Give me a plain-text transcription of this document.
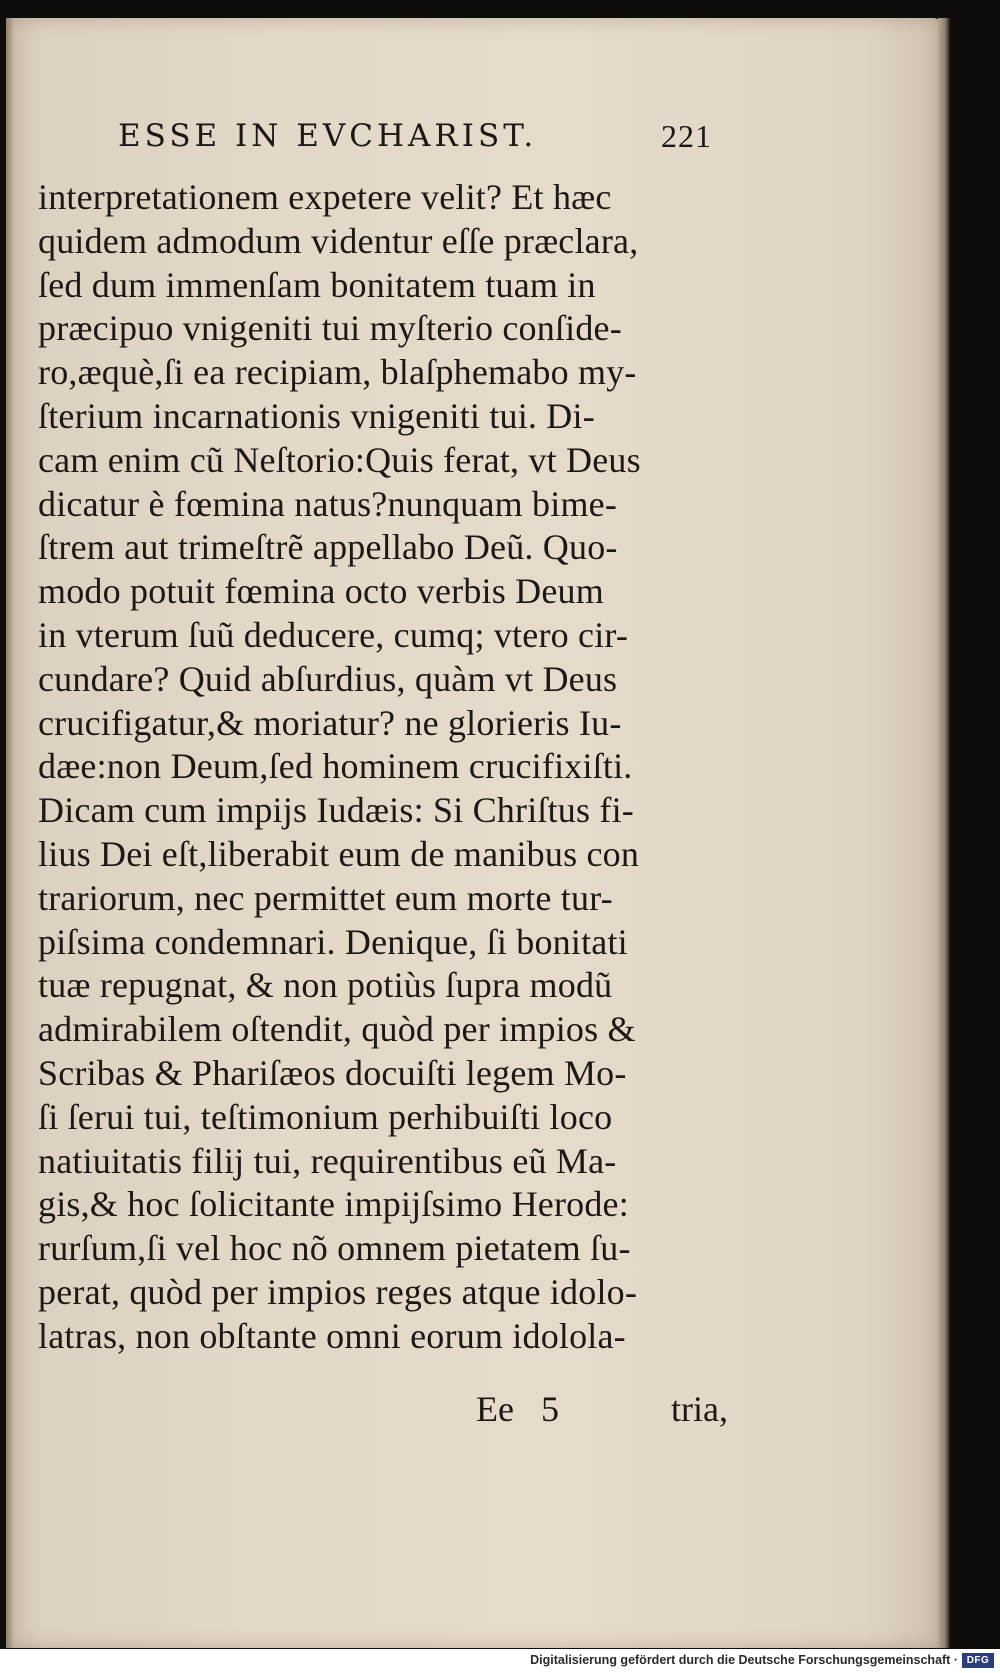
ESSE IN EVCHARIST.	221
interpretationem expetere velit? Et hæc
quidem admodum videntur eſſe præclara,
ſed dum immenſam bonitatem tuam in
præcipuo vnigeniti tui myſterio conſide-
ro,æquè,ſi ea recipiam, blaſphemabo my-
ſterium incarnationis vnigeniti tui. Di-
cam enim cũ Neſtorio:Quis ferat, vt Deus
dicatur è fœmina natus?nunquam bime-
ſtrem aut trimeſtrẽ appellabo Deũ. Quo-
modo potuit fœmina octo verbis Deum
in vterum ſuũ deducere, cumq; vtero cir-
cundare? Quid abſurdius, quàm vt Deus
crucifigatur,& moriatur? ne glorieris Iu-
dæe:non Deum,ſed hominem crucifixiſti.
Dicam cum impijs Iudæis: Si Chriſtus fi-
lius Dei eſt,liberabit eum de manibus con
trariorum, nec permittet eum morte tur-
piſsima condemnari. Denique, ſi bonitati
tuæ repugnat, & non potiùs ſupra modũ
admirabilem oſtendit, quòd per impios &
Scribas & Phariſæos docuiſti legem Mo-
ſi ſerui tui, teſtimonium perhibuiſti loco
natiuitatis filij tui, requirentibus eũ Ma-
gis,& hoc ſolicitante impijſsimo Herode:
rurſum,ſi vel hoc nõ omnem pietatem ſu-
perat, quòd per impios reges atque idolo-
latras, non obſtante omni eorum idolola-
Ee 5	tria,
Digitalisierung gefördert durch die Deutsche Forschungsgemeinschaft · DFG
